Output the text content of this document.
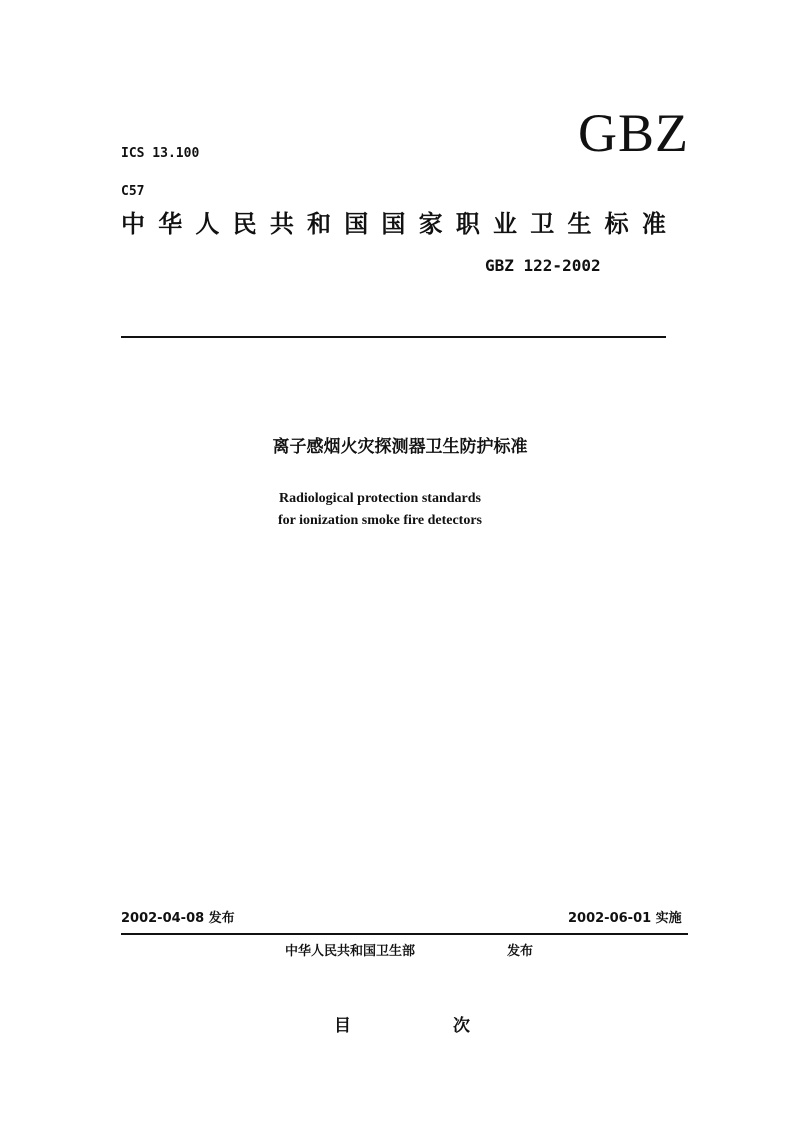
ICS 13.100	GBZ
C57
中 华 人 民 共 和 国 国 家 职 业 卫 生 标 准
GBZ 122-2002
离子感烟火灾探测器卫生防护标准
Radiological protection standards
for ionization smoke fire detectors
2002-04-08 发布	2002-06-01 实施
中华人民共和国卫生部	发布
目	次
